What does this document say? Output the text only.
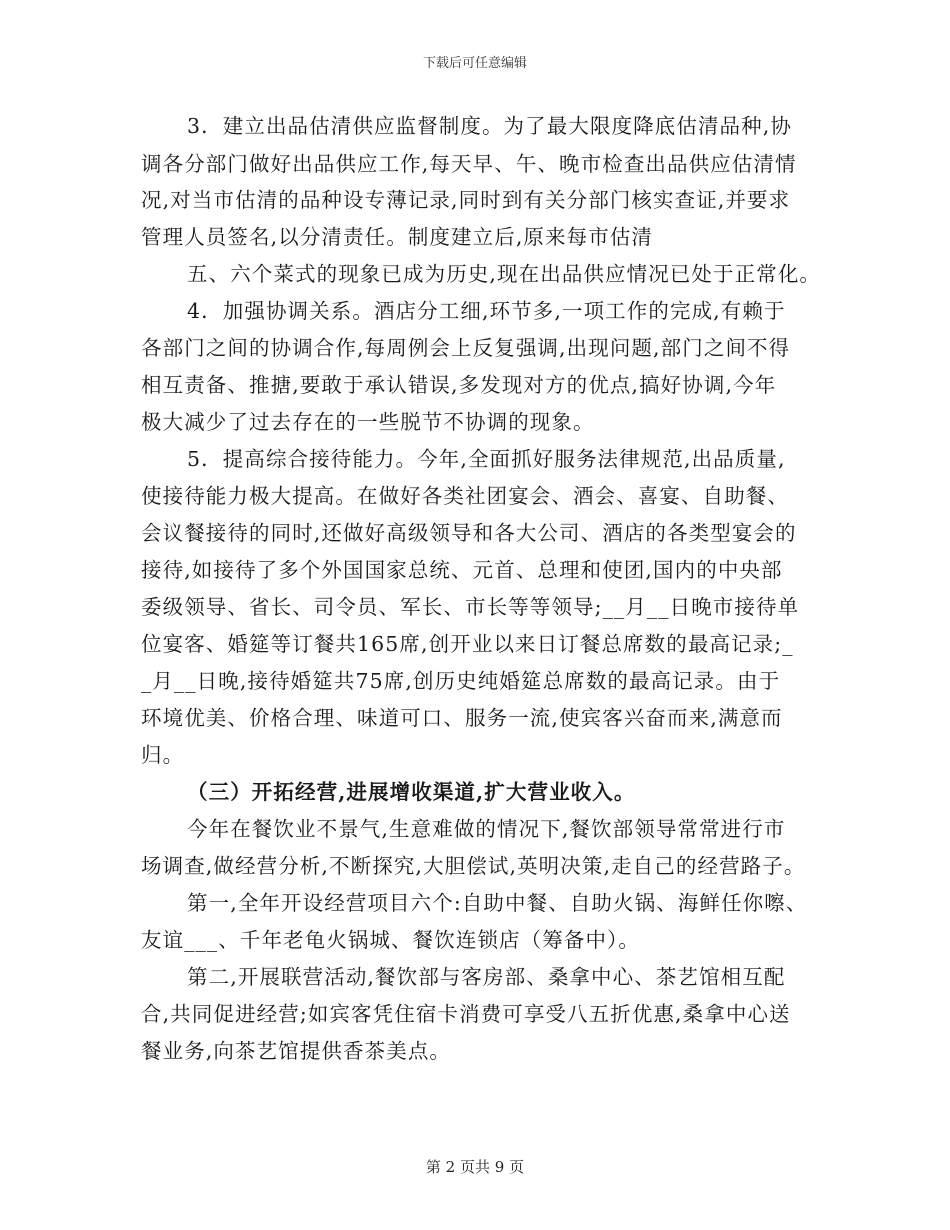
下载后可任意编辑
3．建立出品估清供应监督制度。为了最大限度降底估清品种,协
调各分部门做好出品供应工作,每天早、午、晚市检查出品供应估清情
况,对当市估清的品种设专薄记录,同时到有关分部门核实查证,并要求
管理人员签名,以分清责任。制度建立后,原来每市估清
五、六个菜式的现象已成为历史,现在出品供应情况已处于正常化。
4．加强协调关系。酒店分工细,环节多,一项工作的完成,有赖于
各部门之间的协调合作,每周例会上反复强调,出现问题,部门之间不得
相互责备、推搪,要敢于承认错误,多发现对方的优点,搞好协调,今年
极大减少了过去存在的一些脱节不协调的现象。
5．提高综合接待能力。今年,全面抓好服务法律规范,出品质量,
使接待能力极大提高。在做好各类社团宴会、酒会、喜宴、自助餐、
会议餐接待的同时,还做好高级领导和各大公司、酒店的各类型宴会的
接待,如接待了多个外国国家总统、元首、总理和使团,国内的中央部
委级领导、省长、司令员、军长、市长等等领导;__月__日晚市接待单
位宴客、婚筵等订餐共165席,创开业以来日订餐总席数的最高记录;_
_月__日晚,接待婚筵共75席,创历史纯婚筵总席数的最高记录。由于
环境优美、价格合理、味道可口、服务一流,使宾客兴奋而来,满意而
归。
（三）开拓经营,进展增收渠道,扩大营业收入。
今年在餐饮业不景气,生意难做的情况下,餐饮部领导常常进行市
场调查,做经营分析,不断探究,大胆偿试,英明决策,走自己的经营路子。
第一,全年开设经营项目六个:自助中餐、自助火锅、海鲜任你嚓、
友谊___、千年老龟火锅城、餐饮连锁店（筹备中）。
第二,开展联营活动,餐饮部与客房部、桑拿中心、茶艺馆相互配
合,共同促进经营;如宾客凭住宿卡消费可享受八五折优惠,桑拿中心送
餐业务,向茶艺馆提供香茶美点。
第 2 页共 9 页
